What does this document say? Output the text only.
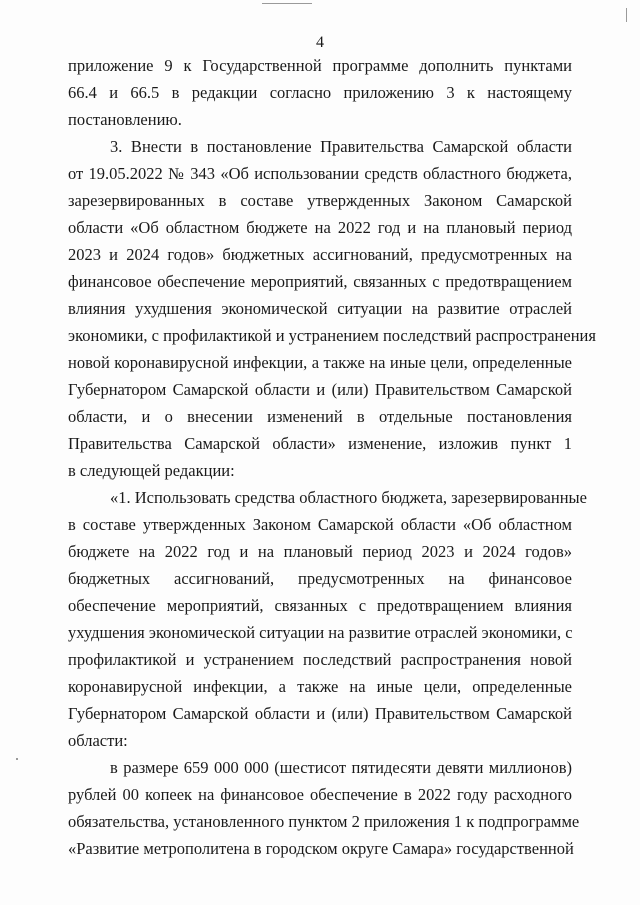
4
приложение 9 к Государственной программе дополнить пунктами
66.4 и 66.5 в редакции согласно приложению 3 к настоящему
постановлению.
3. Внести в постановление Правительства Самарской области
от 19.05.2022 № 343 «Об использовании средств областного бюджета,
зарезервированных в составе утвержденных Законом Самарской
области «Об областном бюджете на 2022 год и на плановый период
2023 и 2024 годов» бюджетных ассигнований, предусмотренных на
финансовое обеспечение мероприятий, связанных с предотвращением
влияния ухудшения экономической ситуации на развитие отраслей
экономики, с профилактикой и устранением последствий распространения
новой коронавирусной инфекции, а также на иные цели, определенные
Губернатором Самарской области и (или) Правительством Самарской
области, и о внесении изменений в отдельные постановления
Правительства Самарской области» изменение, изложив пункт 1
в следующей редакции:
«1. Использовать средства областного бюджета, зарезервированные
в составе утвержденных Законом Самарской области «Об областном
бюджете на 2022 год и на плановый период 2023 и 2024 годов»
бюджетных ассигнований, предусмотренных на финансовое
обеспечение мероприятий, связанных с предотвращением влияния
ухудшения экономической ситуации на развитие отраслей экономики, с
профилактикой и устранением последствий распространения новой
коронавирусной инфекции, а также на иные цели, определенные
Губернатором Самарской области и (или) Правительством Самарской
области:
в размере 659 000 000 (шестисот пятидесяти девяти миллионов)
рублей 00 копеек на финансовое обеспечение в 2022 году расходного
обязательства, установленного пунктом 2 приложения 1 к подпрограмме
«Развитие метрополитена в городском округе Самара» государственной
